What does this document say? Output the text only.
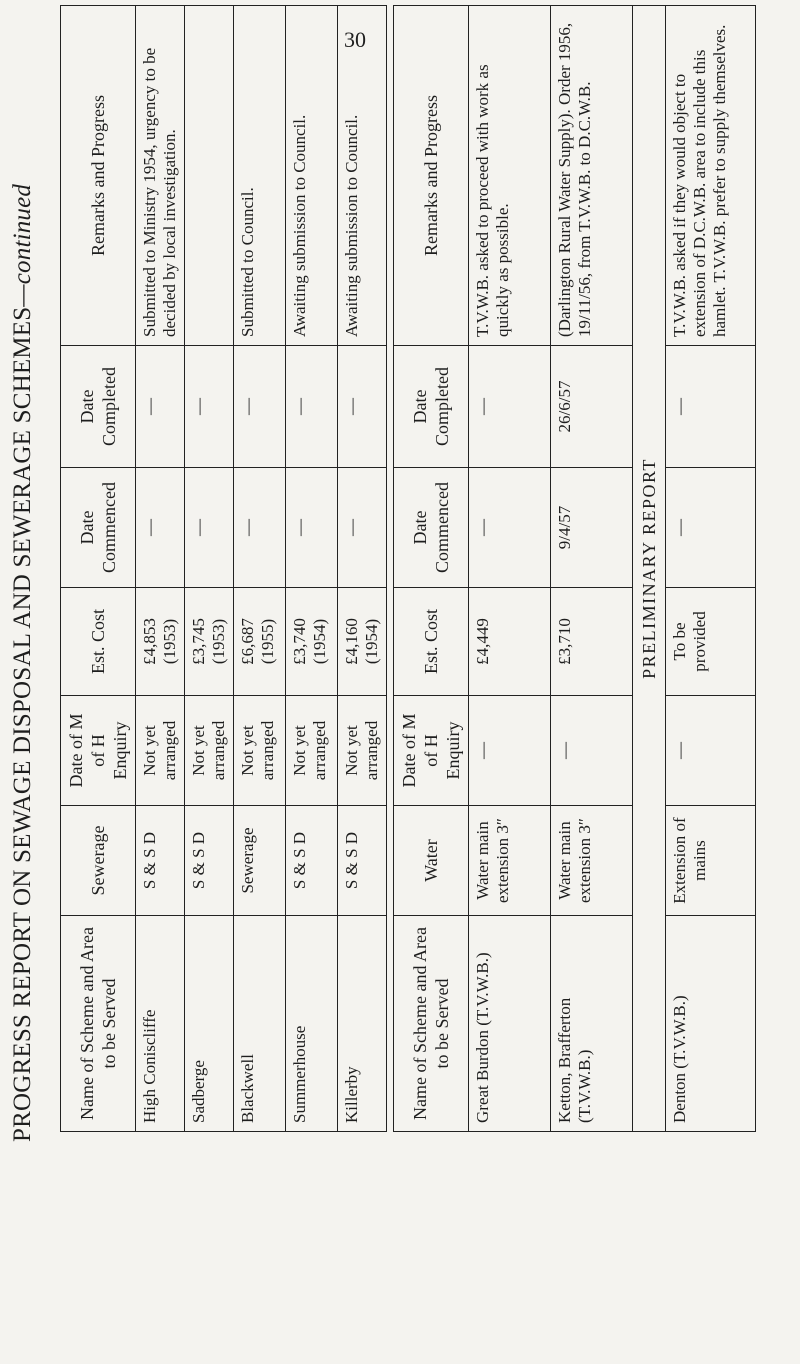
PROGRESS REPORT ON SEWAGE DISPOSAL AND SEWERAGE SCHEMES—continued
Name of Scheme and Area to be Served	Sewerage	Date of M of H Enquiry	Est. Cost	Date Commenced	Date Completed	Remarks and Progress
High Coniscliffe	S & S D	Not yet arranged	£4,853 (1953)	—	—	Submitted to Ministry 1954, urgency to be decided by local investigation.
Sadberge	S & S D	Not yet arranged	£3,745 (1953)	—	—	
Blackwell	Sewerage	Not yet arranged	£6,687 (1955)	—	—	Submitted to Council.
Summerhouse	S & S D	Not yet arranged	£3,740 (1954)	—	—	Awaiting submission to Council.
Killerby	S & S D	Not yet arranged	£4,160 (1954)	—	—	Awaiting submission to Council.
Name of Scheme and Area to be Served	Water	Date of M of H Enquiry	Est. Cost	Date Commenced	Date Completed	Remarks and Progress
Great Burdon (T.V.W.B.)	Water main extension 3″	—	£4,449	—	—	T.V.W.B. asked to proceed with work as quickly as possible.
Ketton, Brafferton (T.V.W.B.)	Water main extension 3″	—	£3,710	9/4/57	26/6/57	(Darlington Rural Water Supply). Order 1956, 19/11/56, from T.V.W.B. to D.C.W.B.
PRELIMINARY REPORT						
Denton (T.V.W.B.)	Extension of mains	—	To be provided	—	—	T.V.W.B. asked if they would object to extension of D.C.W.B. area to include this hamlet. T.V.W.B. prefer to supply themselves.
30
